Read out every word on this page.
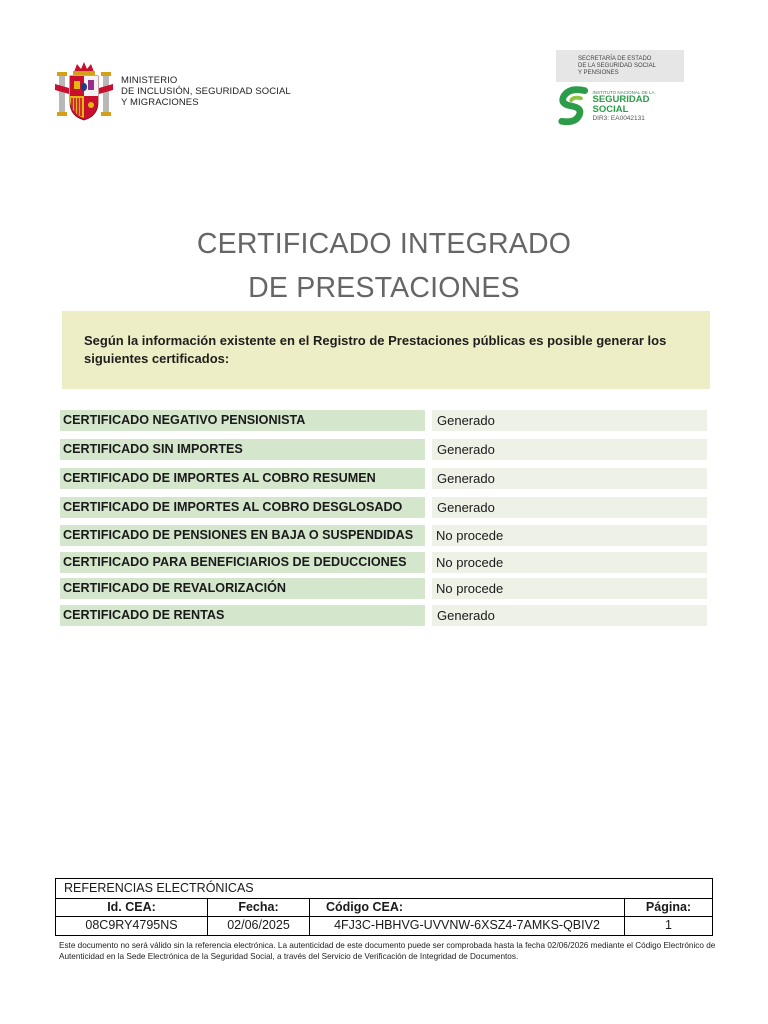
MINISTERIO
DE INCLUSIÓN, SEGURIDAD SOCIAL
Y MIGRACIONES
SECRETARÍA DE ESTADO
DE LA SEGURIDAD SOCIAL
Y PENSIONES
INSTITUTO NACIONAL DE LA
SEGURIDAD SOCIAL
DIR3: EA0042131
CERTIFICADO INTEGRADO
DE PRESTACIONES
Según la información existente en el Registro de Prestaciones públicas es posible generar los siguientes certificados:
CERTIFICADO NEGATIVO PENSIONISTA	Generado
CERTIFICADO SIN IMPORTES	Generado
CERTIFICADO DE IMPORTES AL COBRO RESUMEN	Generado
CERTIFICADO DE IMPORTES AL COBRO DESGLOSADO	Generado
CERTIFICADO DE PENSIONES EN BAJA O SUSPENDIDAS	No procede
CERTIFICADO PARA BENEFICIARIOS DE DEDUCCIONES	No procede
CERTIFICADO DE REVALORIZACIÓN	No procede
CERTIFICADO DE RENTAS	Generado
REFERENCIAS ELECTRÓNICAS
Id. CEA:	Fecha:	Código CEA:	Página:
08C9RY4795NS	02/06/2025	4FJ3C-HBHVG-UVVNW-6XSZ4-7AMKS-QBIV2	1
Este documento no será válido sin la referencia electrónica. La autenticidad de este documento puede ser comprobada hasta la fecha 02/06/2026 mediante el Código Electrónico de Autenticidad en la Sede Electrónica de la Seguridad Social, a través del Servicio de Verificación de Integridad de Documentos.
